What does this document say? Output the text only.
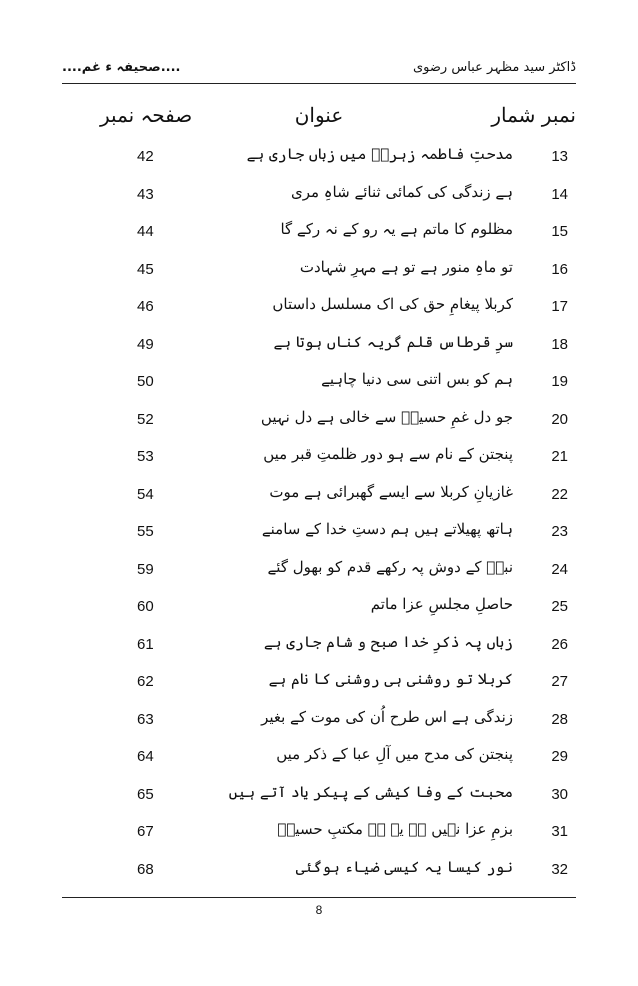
ڈاکٹر سید مظہر عباس رضوی
....صحیفہ ء غم....
نمبر شمار
عنوان
صفحہ نمبر
13
مدحتِ فاطمہ زہراؑ میں زباں جاری ہے
42
14
ہے زندگی کی کمائی ثنائے شاہِ مری
43
15
مظلوم کا ماتم ہے یہ رو کے نہ رکے گا
44
16
تو ماہِ منور ہے تو ہے مہرِ شہادت
45
17
کربلا پیغامِ حق کی اک مسلسل داستاں
46
18
سرِ قرطاس قلم گریہ کناں ہوتا ہے
49
19
ہم کو بس اتنی سی دنیا چاہیے
50
20
جو دل غمِ حسینؑ سے خالی ہے دل نہیں
52
21
پنجتن کے نام سے ہو دور ظلمتِ قبر میں
53
22
غازیانِ کربلا سے ایسے گھبرائی ہے موت
54
23
ہاتھ پھیلاتے ہیں ہم دستِ خدا کے سامنے
55
24
نبیؐ کے دوش پہ رکھے قدم کو بھول گئے
59
25
حاصلِ مجلسِ عزا ماتم
60
26
زباں پہ ذکرِ خدا صبح و شام جاری ہے
61
27
کربلا تو روشنی ہی روشنی کا نام ہے
62
28
زندگی ہے اس طرح اُن کی موت کے بغیر
63
29
پنجتن کی مدح میں آلِ عبا کے ذکر میں
64
30
محبت کے وفا کیشی کے پیکر یاد آتے ہیں
65
31
بزمِ عزا نہیں ہے یہ ہے مکتبِ حسینؑ
67
32
نور کیسا یہ کیسی ضیاء ہوگئی
68
8
